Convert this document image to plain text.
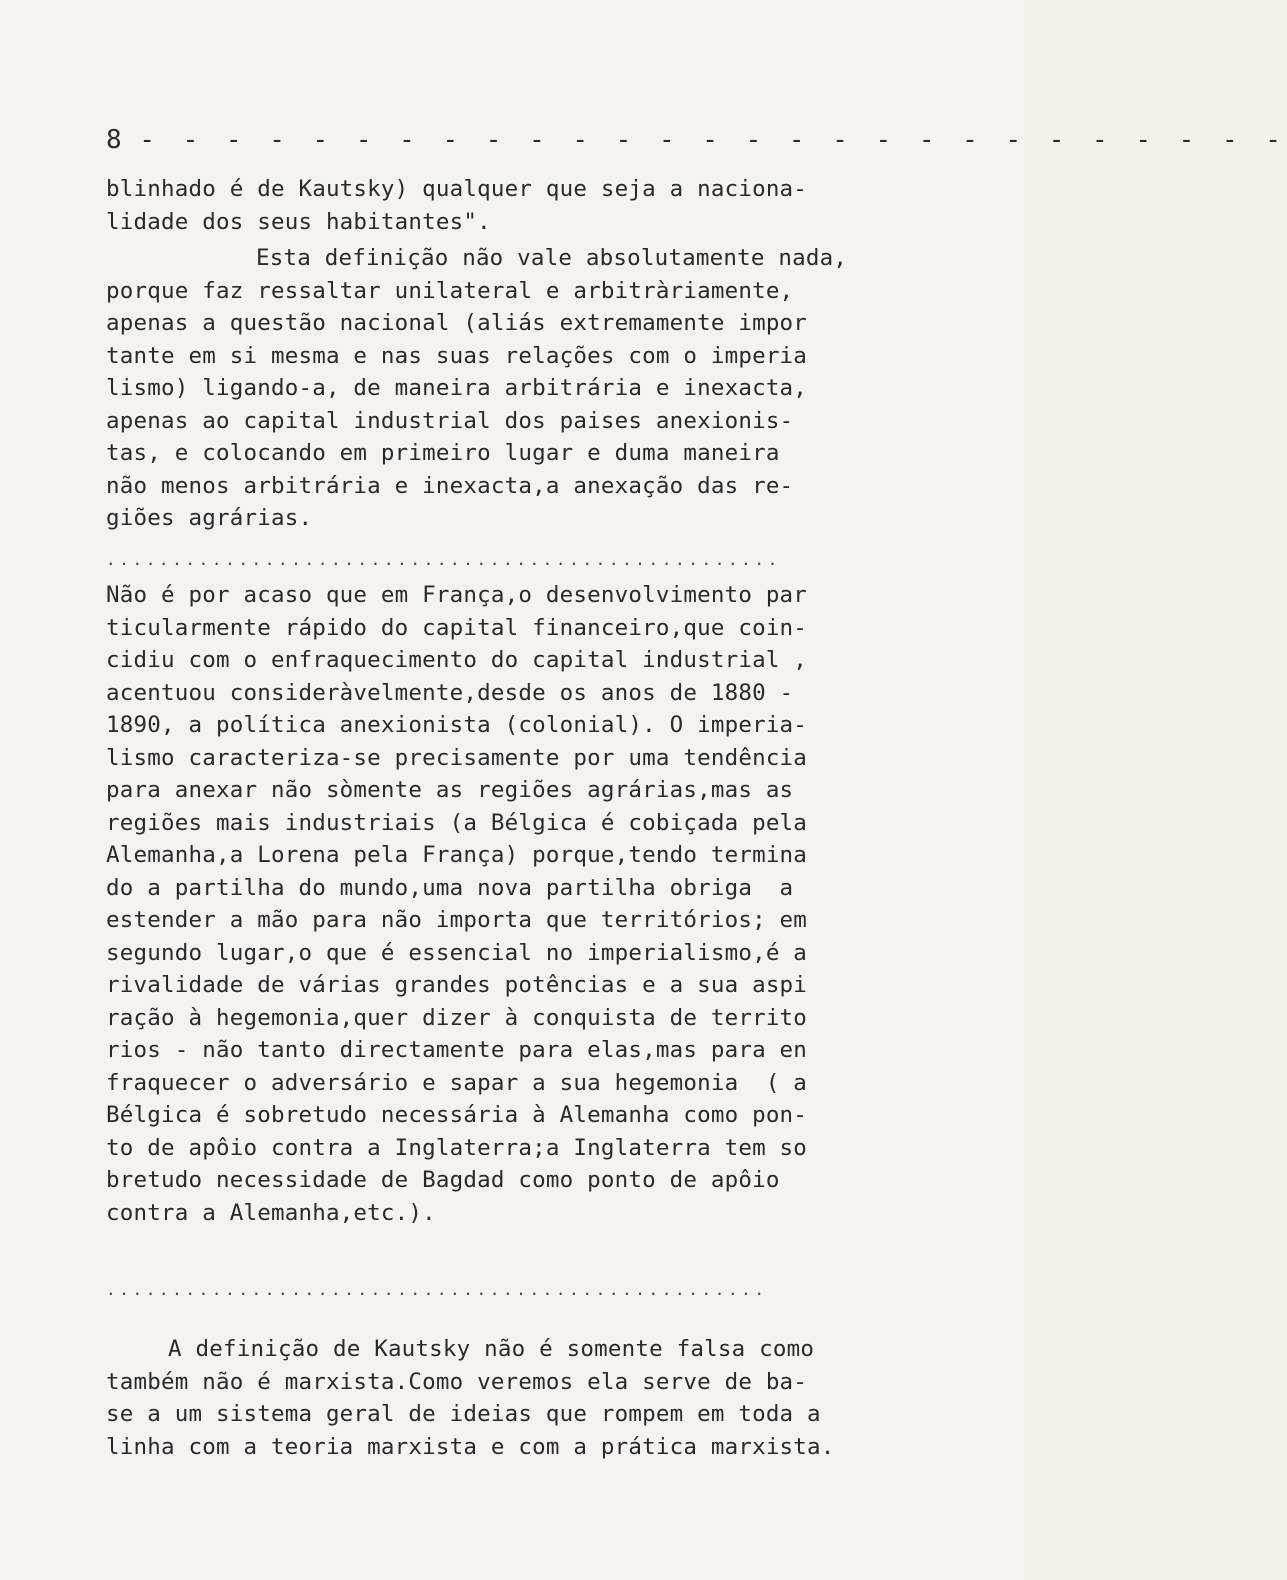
8 - - - - - - - - - - - - - - - - - - - - - - - - - - -
blinhado é de Kautsky) qualquer que seja a naciona-
lidade dos seus habitantes".
Esta definição não vale absolutamente nada,
porque faz ressaltar unilateral e arbitràriamente,
apenas a questão nacional (aliás extremamente impor
tante em si mesma e nas suas relações com o imperia
lismo) ligando-a, de maneira arbitrária e inexacta,
apenas ao capital industrial dos paises anexionis-
tas, e colocando em primeiro lugar e duma maneira
não menos arbitrária e inexacta,a anexação das re-
giões agrárias.
...................................................
Não é por acaso que em França,o desenvolvimento par
ticularmente rápido do capital financeiro,que coin-
cidiu com o enfraquecimento do capital industrial ,
acentuou consideràvelmente,desde os anos de 1880 -
1890, a política anexionista (colonial). O imperia-
lismo caracteriza-se precisamente por uma tendência
para anexar não sòmente as regiões agrárias,mas as
regiões mais industriais (a Bélgica é cobiçada pela
Alemanha,a Lorena pela França) porque,tendo termina
do a partilha do mundo,uma nova partilha obriga  a
estender a mão para não importa que territórios; em
segundo lugar,o que é essencial no imperialismo,é a
rivalidade de várias grandes potências e a sua aspi
ração à hegemonia,quer dizer à conquista de territo
rios - não tanto directamente para elas,mas para en
fraquecer o adversário e sapar a sua hegemonia  ( a
Bélgica é sobretudo necessária à Alemanha como pon-
to de apôio contra a Inglaterra;a Inglaterra tem so
bretudo necessidade de Bagdad como ponto de apôio
contra a Alemanha,etc.).
..................................................
A definição de Kautsky não é somente falsa como
também não é marxista.Como veremos ela serve de ba-
se a um sistema geral de ideias que rompem em toda a
linha com a teoria marxista e com a prática marxista.
